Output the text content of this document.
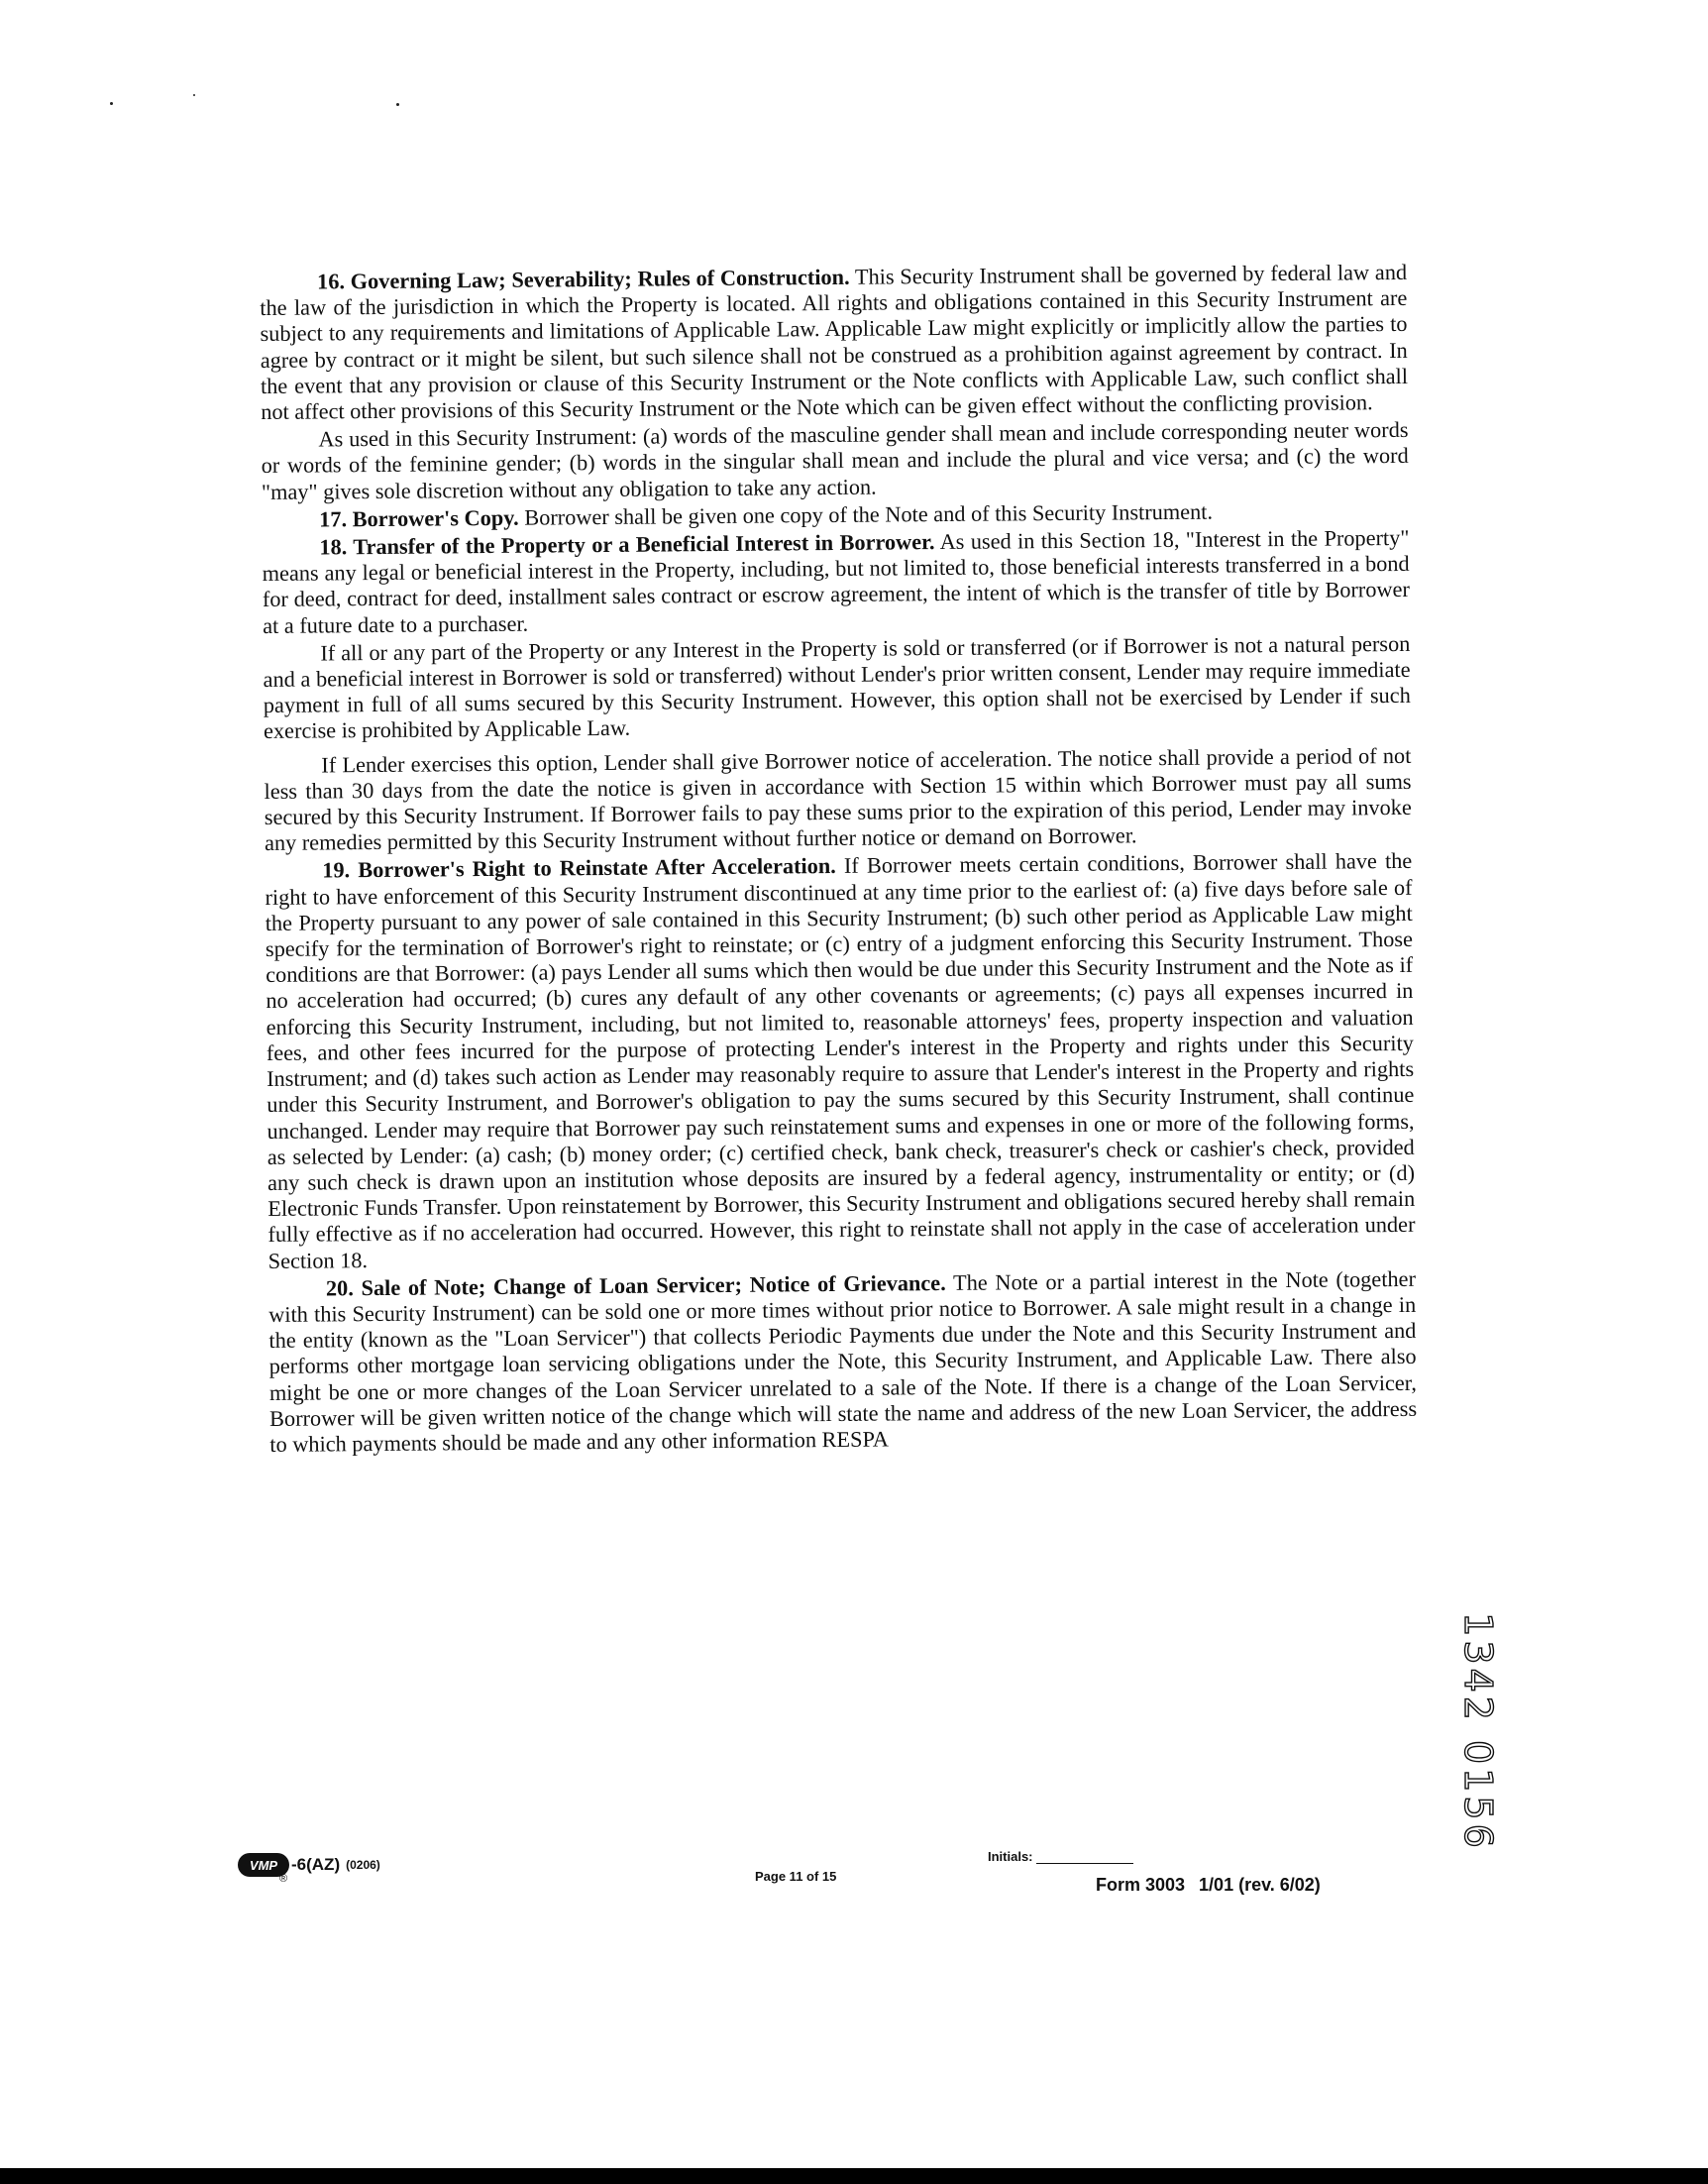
16. Governing Law; Severability; Rules of Construction. This Security Instrument shall be governed by federal law and the law of the jurisdiction in which the Property is located. All rights and obligations contained in this Security Instrument are subject to any requirements and limitations of Applicable Law. Applicable Law might explicitly or implicitly allow the parties to agree by contract or it might be silent, but such silence shall not be construed as a prohibition against agreement by contract. In the event that any provision or clause of this Security Instrument or the Note conflicts with Applicable Law, such conflict shall not affect other provisions of this Security Instrument or the Note which can be given effect without the conflicting provision.

As used in this Security Instrument: (a) words of the masculine gender shall mean and include corresponding neuter words or words of the feminine gender; (b) words in the singular shall mean and include the plural and vice versa; and (c) the word "may" gives sole discretion without any obligation to take any action.

17. Borrower's Copy. Borrower shall be given one copy of the Note and of this Security Instrument.

18. Transfer of the Property or a Beneficial Interest in Borrower. As used in this Section 18, "Interest in the Property" means any legal or beneficial interest in the Property, including, but not limited to, those beneficial interests transferred in a bond for deed, contract for deed, installment sales contract or escrow agreement, the intent of which is the transfer of title by Borrower at a future date to a purchaser.

If all or any part of the Property or any Interest in the Property is sold or transferred (or if Borrower is not a natural person and a beneficial interest in Borrower is sold or transferred) without Lender's prior written consent, Lender may require immediate payment in full of all sums secured by this Security Instrument. However, this option shall not be exercised by Lender if such exercise is prohibited by Applicable Law.

If Lender exercises this option, Lender shall give Borrower notice of acceleration. The notice shall provide a period of not less than 30 days from the date the notice is given in accordance with Section 15 within which Borrower must pay all sums secured by this Security Instrument. If Borrower fails to pay these sums prior to the expiration of this period, Lender may invoke any remedies permitted by this Security Instrument without further notice or demand on Borrower.

19. Borrower's Right to Reinstate After Acceleration. If Borrower meets certain conditions, Borrower shall have the right to have enforcement of this Security Instrument discontinued at any time prior to the earliest of: (a) five days before sale of the Property pursuant to any power of sale contained in this Security Instrument; (b) such other period as Applicable Law might specify for the termination of Borrower's right to reinstate; or (c) entry of a judgment enforcing this Security Instrument. Those conditions are that Borrower: (a) pays Lender all sums which then would be due under this Security Instrument and the Note as if no acceleration had occurred; (b) cures any default of any other covenants or agreements; (c) pays all expenses incurred in enforcing this Security Instrument, including, but not limited to, reasonable attorneys' fees, property inspection and valuation fees, and other fees incurred for the purpose of protecting Lender's interest in the Property and rights under this Security Instrument; and (d) takes such action as Lender may reasonably require to assure that Lender's interest in the Property and rights under this Security Instrument, and Borrower's obligation to pay the sums secured by this Security Instrument, shall continue unchanged. Lender may require that Borrower pay such reinstatement sums and expenses in one or more of the following forms, as selected by Lender: (a) cash; (b) money order; (c) certified check, bank check, treasurer's check or cashier's check, provided any such check is drawn upon an institution whose deposits are insured by a federal agency, instrumentality or entity; or (d) Electronic Funds Transfer. Upon reinstatement by Borrower, this Security Instrument and obligations secured hereby shall remain fully effective as if no acceleration had occurred. However, this right to reinstate shall not apply in the case of acceleration under Section 18.

20. Sale of Note; Change of Loan Servicer; Notice of Grievance. The Note or a partial interest in the Note (together with this Security Instrument) can be sold one or more times without prior notice to Borrower. A sale might result in a change in the entity (known as the "Loan Servicer") that collects Periodic Payments due under the Note and this Security Instrument and performs other mortgage loan servicing obligations under the Note, this Security Instrument, and Applicable Law. There also might be one or more changes of the Loan Servicer unrelated to a sale of the Note. If there is a change of the Loan Servicer, Borrower will be given written notice of the change which will state the name and address of the new Loan Servicer, the address to which payments should be made and any other information RESPA

1342 0156
VMP -6(AZ) (0206)
®	Page 11 of 15
Initials:
Form 3003 1/01 (rev. 6/02)
